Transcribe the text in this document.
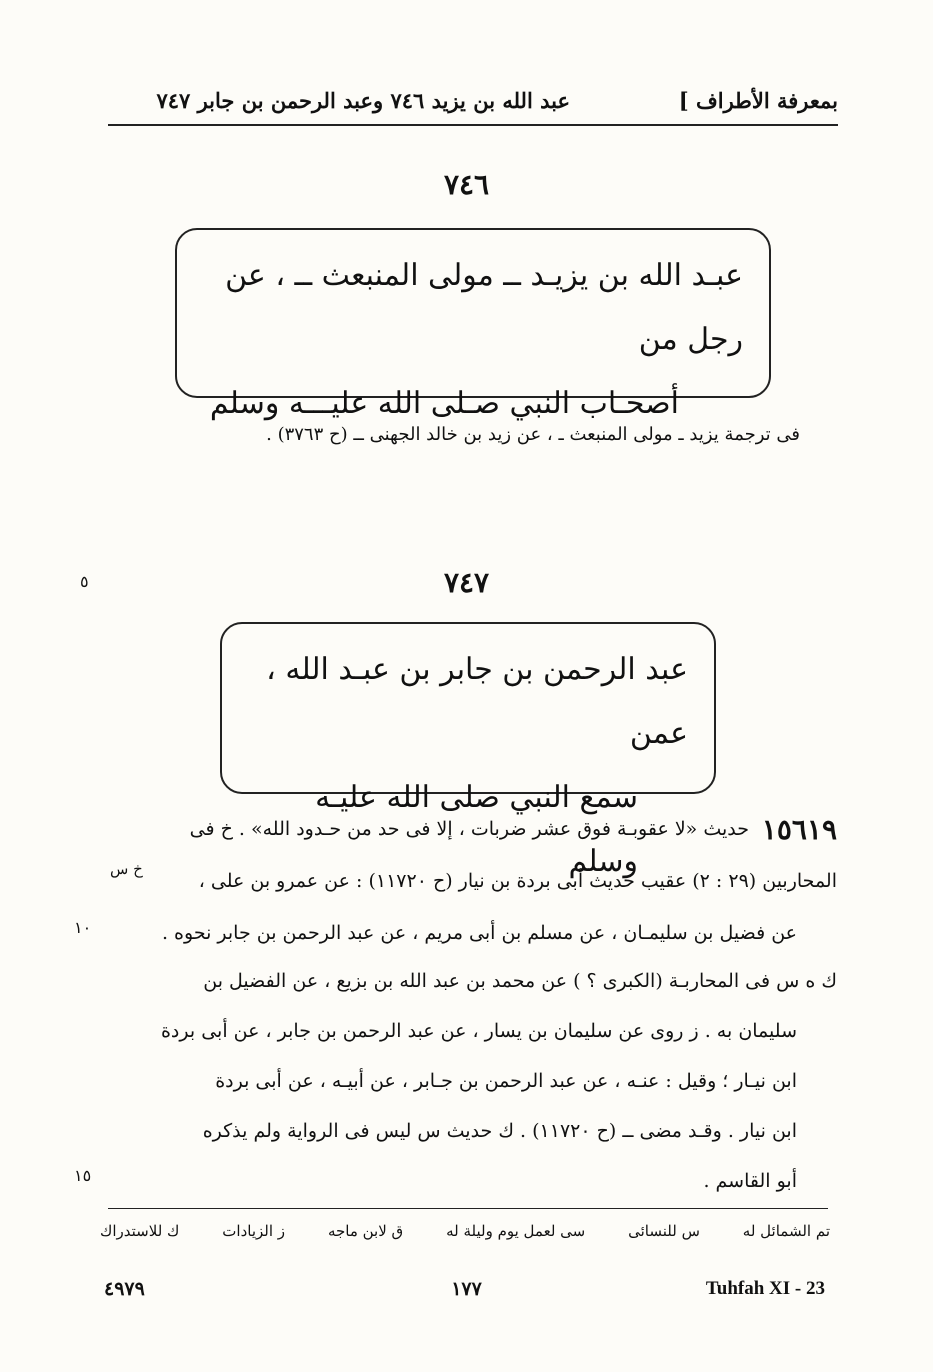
بمعرفة الأطراف ]
عبد الله بن يزيد ٧٤٦ وعبد الرحمن بن جابر ٧٤٧
٧٤٦
عبـد الله بن يزيـد ــ مولى المنبعث ــ ، عن رجل من
أصحـاب النبي صـلى الله عليـــه وسلم
فى ترجمة يزيد ـ مولى المنبعث ـ ، عن زيد بن خالد الجهنى ــ (ح ٣٧٦٣) .
٥
١٠
١٥
٧٤٧
عبد الرحمن بن جابر بن عبـد الله ، عمن
سمع النبي صلى الله عليـه وسلم
١٥٦١٩
خ س
حديث «لا عقوبـة فوق عشر ضربات ، إلا فى حد من حـدود الله» . خ فى
المحاربين (٢٩ : ٢) عقيب حديث أبى بردة بن نيار (ح ١١٧٢٠) : عن عمرو بن على ،
عن فضيل بن سليمـان ، عن مسلم بن أبى مريم ، عن عبد الرحمن بن جابر نحوه .
ك ه س فى المحاربـة (الكبرى ؟ ) عن محمد بن عبد الله بن بزيع ، عن الفضيل بن
سليمان به . ز روى عن سليمان بن يسار ، عن عبد الرحمن بن جابر ، عن أبى بردة
ابن نيـار ؛ وقيل : عنـه ، عن عبد الرحمن بن جـابر ، عن أبيـه ، عن أبى بردة
ابن نيار . وقـد مضى ــ (ح ١١٧٢٠) . ك حديث س ليس فى الرواية ولم يذكره
أبو القاسم .
تم الشمائل له
س للنسائى
سى لعمل يوم وليلة له
ق لابن ماجه
ز الزيادات
ك للاستدراك
٤٩٧٩	١٧٧	Tuhfah XI - 23
